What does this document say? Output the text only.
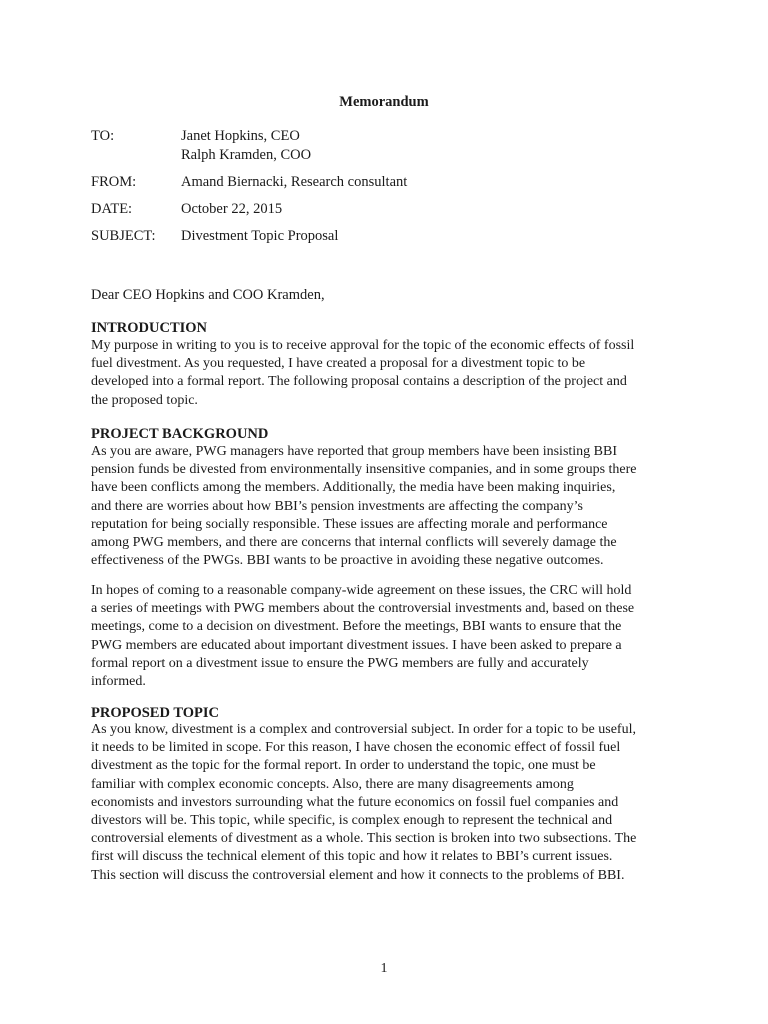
Memorandum
TO:	Janet Hopkins, CEO
Ralph Kramden, COO
FROM:	Amand Biernacki, Research consultant
DATE:	October 22, 2015
SUBJECT: Divestment Topic Proposal
Dear CEO Hopkins and COO Kramden,
INTRODUCTION
My purpose in writing to you is to receive approval for the topic of the economic effects of fossil
fuel divestment. As you requested, I have created a proposal for a divestment topic to be
developed into a formal report. The following proposal contains a description of the project and
the proposed topic.
PROJECT BACKGROUND
As you are aware, PWG managers have reported that group members have been insisting BBI
pension funds be divested from environmentally insensitive companies, and in some groups there
have been conflicts among the members. Additionally, the media have been making inquiries,
and there are worries about how BBI’s pension investments are affecting the company’s
reputation for being socially responsible. These issues are affecting morale and performance
among PWG members, and there are concerns that internal conflicts will severely damage the
effectiveness of the PWGs. BBI wants to be proactive in avoiding these negative outcomes.
In hopes of coming to a reasonable company-wide agreement on these issues, the CRC will hold
a series of meetings with PWG members about the controversial investments and, based on these
meetings, come to a decision on divestment. Before the meetings, BBI wants to ensure that the
PWG members are educated about important divestment issues. I have been asked to prepare a
formal report on a divestment issue to ensure the PWG members are fully and accurately
informed.
PROPOSED TOPIC
As you know, divestment is a complex and controversial subject. In order for a topic to be useful,
it needs to be limited in scope. For this reason, I have chosen the economic effect of fossil fuel
divestment as the topic for the formal report. In order to understand the topic, one must be
familiar with complex economic concepts. Also, there are many disagreements among
economists and investors surrounding what the future economics on fossil fuel companies and
divestors will be. This topic, while specific, is complex enough to represent the technical and
controversial elements of divestment as a whole. This section is broken into two subsections. The
first will discuss the technical element of this topic and how it relates to BBI’s current issues.
This section will discuss the controversial element and how it connects to the problems of BBI.
1
